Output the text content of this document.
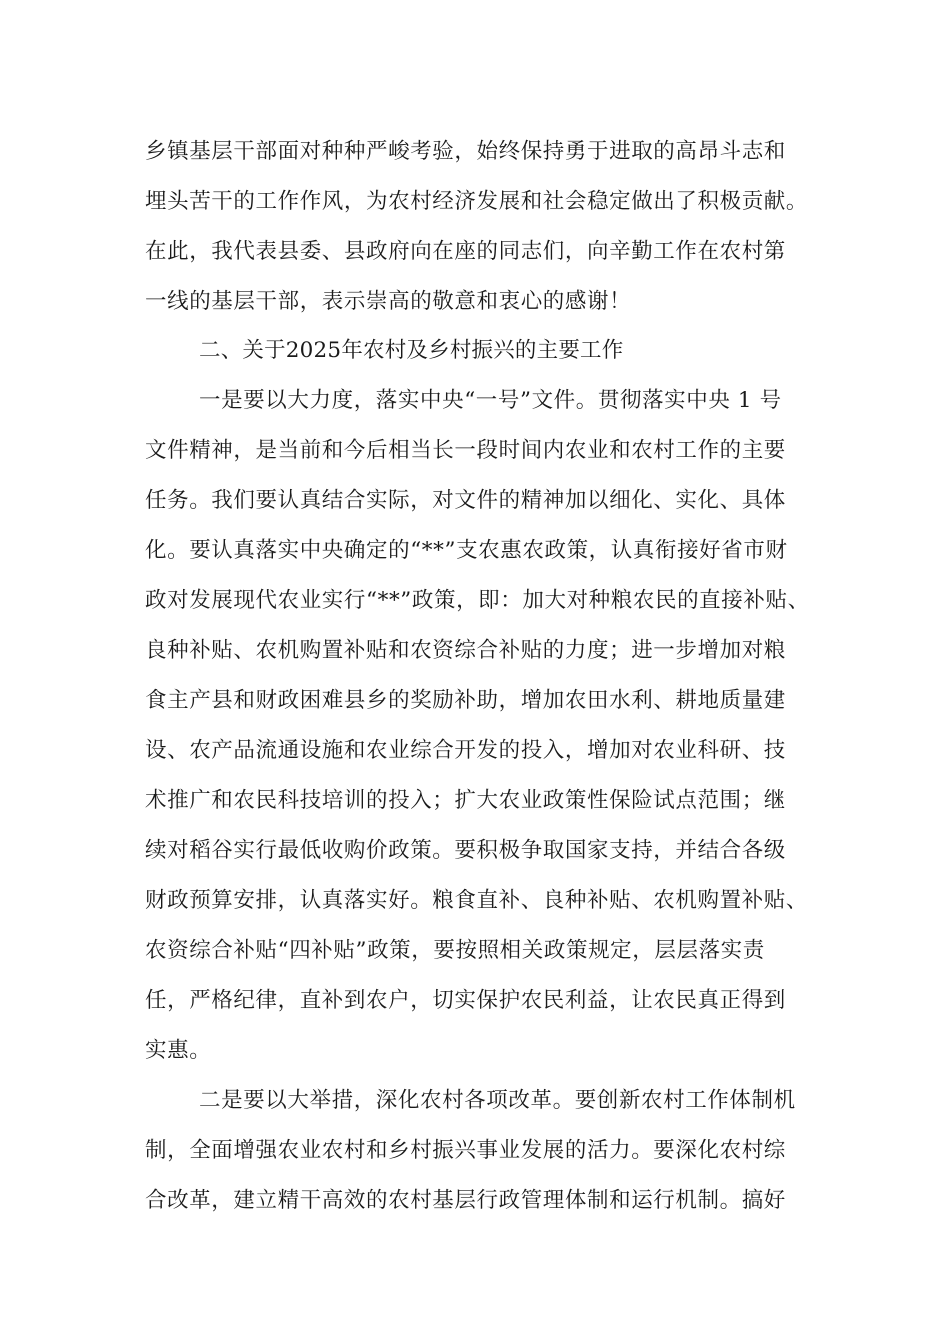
乡镇基层干部面对种种严峻考验，始终保持勇于进取的高昂斗志和
埋头苦干的工作作风，为农村经济发展和社会稳定做出了积极贡献。
在此，我代表县委、县政府向在座的同志们，向辛勤工作在农村第
一线的基层干部，表示崇高的敬意和衷心的感谢！
二、关于2025年农村及乡村振兴的主要工作
一是要以大力度，落实中央“一号”文件。贯彻落实中央 1 号
文件精神，是当前和今后相当长一段时间内农业和农村工作的主要
任务。我们要认真结合实际，对文件的精神加以细化、实化、具体
化。要认真落实中央确定的“**”支农惠农政策，认真衔接好省市财
政对发展现代农业实行“**”政策，即：加大对种粮农民的直接补贴、
良种补贴、农机购置补贴和农资综合补贴的力度；进一步增加对粮
食主产县和财政困难县乡的奖励补助，增加农田水利、耕地质量建
设、农产品流通设施和农业综合开发的投入，增加对农业科研、技
术推广和农民科技培训的投入；扩大农业政策性保险试点范围；继
续对稻谷实行最低收购价政策。要积极争取国家支持，并结合各级
财政预算安排，认真落实好。粮食直补、良种补贴、农机购置补贴、
农资综合补贴“四补贴”政策，要按照相关政策规定，层层落实责
任，严格纪律，直补到农户，切实保护农民利益，让农民真正得到
实惠。
二是要以大举措，深化农村各项改革。要创新农村工作体制机
制，全面增强农业农村和乡村振兴事业发展的活力。要深化农村综
合改革，建立精干高效的农村基层行政管理体制和运行机制。搞好
